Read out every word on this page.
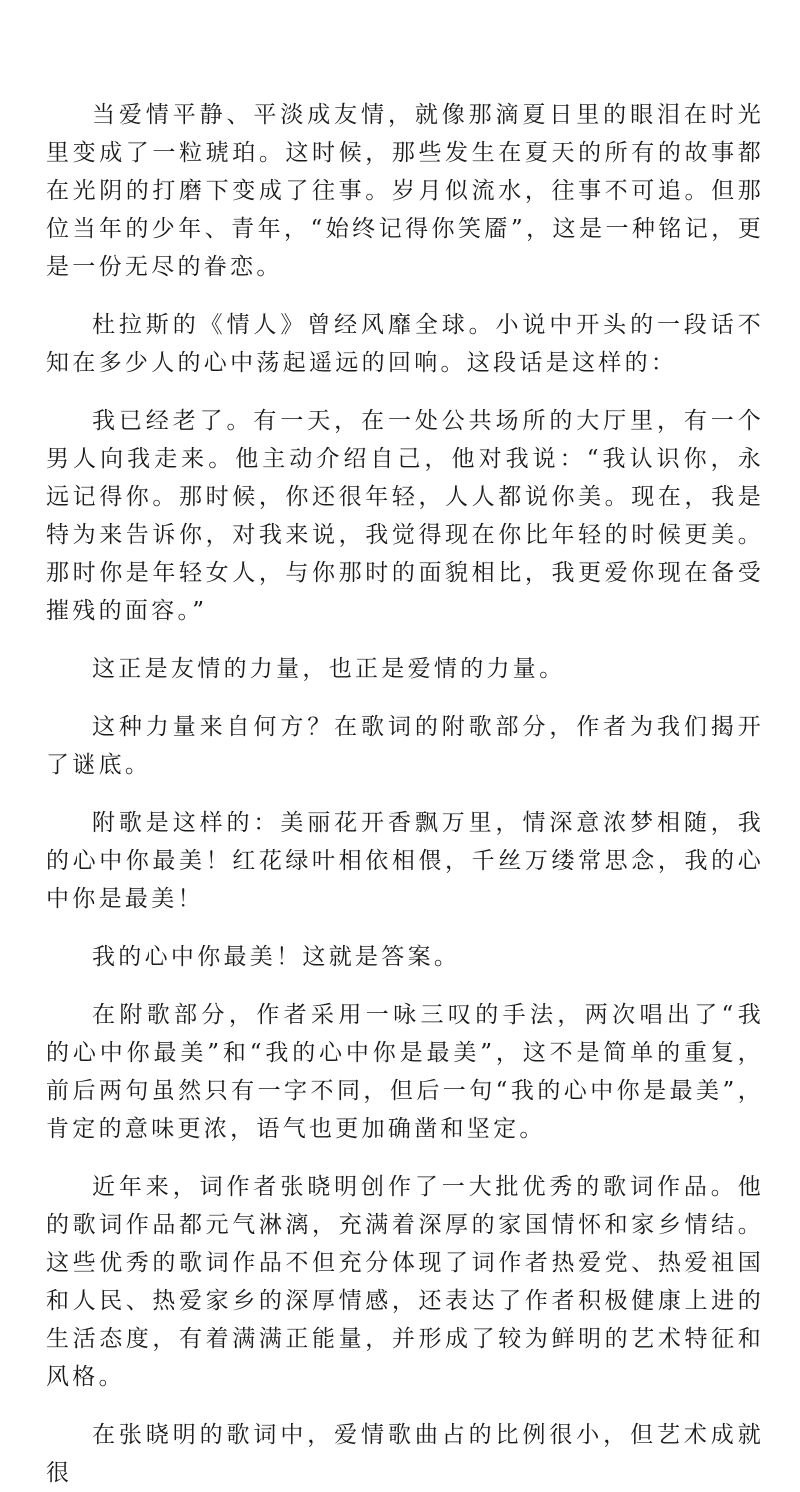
当爱情平静、平淡成友情，就像那滴夏日里的眼泪在时光里变成了一粒琥珀。这时候，那些发生在夏天的所有的故事都在光阴的打磨下变成了往事。岁月似流水，往事不可追。但那位当年的少年、青年，“始终记得你笑靥”，这是一种铭记，更是一份无尽的眷恋。

杜拉斯的《情人》曾经风靡全球。小说中开头的一段话不知在多少人的心中荡起遥远的回响。这段话是这样的：

我已经老了。有一天，在一处公共场所的大厅里，有一个男人向我走来。他主动介绍自己，他对我说：“我认识你，永远记得你。那时候，你还很年轻，人人都说你美。现在，我是特为来告诉你，对我来说，我觉得现在你比年轻的时候更美。那时你是年轻女人，与你那时的面貌相比，我更爱你现在备受摧残的面容。”

这正是友情的力量，也正是爱情的力量。

这种力量来自何方？在歌词的附歌部分，作者为我们揭开了谜底。

附歌是这样的：美丽花开香飘万里，情深意浓梦相随，我的心中你最美！红花绿叶相依相偎，千丝万缕常思念，我的心中你是最美！

我的心中你最美！这就是答案。

在附歌部分，作者采用一咏三叹的手法，两次唱出了“我的心中你最美”和“我的心中你是最美”，这不是简单的重复，前后两句虽然只有一字不同，但后一句“我的心中你是最美”，肯定的意味更浓，语气也更加确凿和坚定。

近年来，词作者张晓明创作了一大批优秀的歌词作品。他的歌词作品都元气淋漓，充满着深厚的家国情怀和家乡情结。这些优秀的歌词作品不但充分体现了词作者热爱党、热爱祖国和人民、热爱家乡的深厚情感，还表达了作者积极健康上进的生活态度，有着满满正能量，并形成了较为鲜明的艺术特征和风格。

在张晓明的歌词中，爱情歌曲占的比例很小，但艺术成就很
